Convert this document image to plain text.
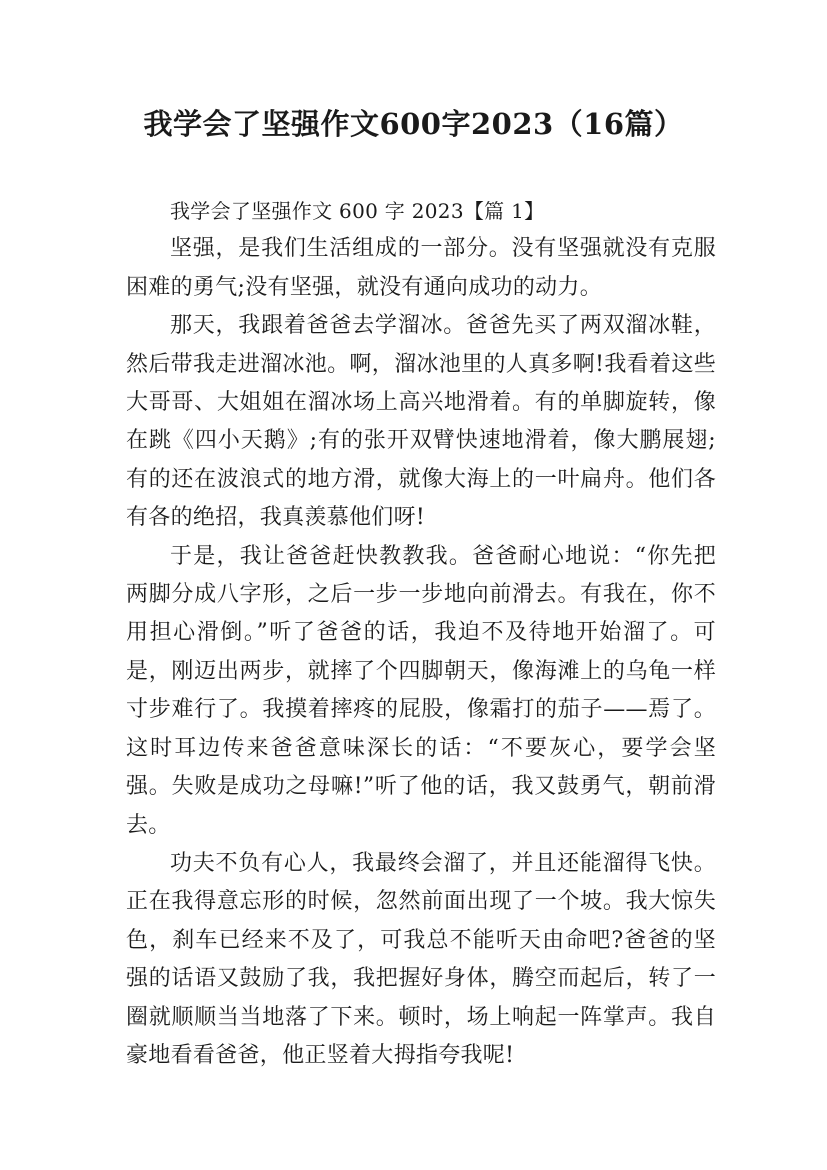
我学会了坚强作文600字2023（16篇）

我学会了坚强作文 600 字 2023【篇 1】

坚强，是我们生活组成的一部分。没有坚强就没有克服困难的勇气;没有坚强，就没有通向成功的动力。

那天，我跟着爸爸去学溜冰。爸爸先买了两双溜冰鞋，然后带我走进溜冰池。啊，溜冰池里的人真多啊!我看着这些大哥哥、大姐姐在溜冰场上高兴地滑着。有的单脚旋转，像在跳《四小天鹅》;有的张开双臂快速地滑着，像大鹏展翅;有的还在波浪式的地方滑，就像大海上的一叶扁舟。他们各有各的绝招，我真羡慕他们呀!

于是，我让爸爸赶快教教我。爸爸耐心地说：“你先把两脚分成八字形，之后一步一步地向前滑去。有我在，你不用担心滑倒。”听了爸爸的话，我迫不及待地开始溜了。可是，刚迈出两步，就摔了个四脚朝天，像海滩上的乌龟一样寸步难行了。我摸着摔疼的屁股，像霜打的茄子——焉了。这时耳边传来爸爸意味深长的话：“不要灰心，要学会坚强。失败是成功之母嘛!”听了他的话，我又鼓勇气，朝前滑去。

功夫不负有心人，我最终会溜了，并且还能溜得飞快。正在我得意忘形的时候，忽然前面出现了一个坡。我大惊失色，刹车已经来不及了，可我总不能听天由命吧?爸爸的坚强的话语又鼓励了我，我把握好身体，腾空而起后，转了一圈就顺顺当当地落了下来。顿时，场上响起一阵掌声。我自豪地看看爸爸，他正竖着大拇指夸我呢!
